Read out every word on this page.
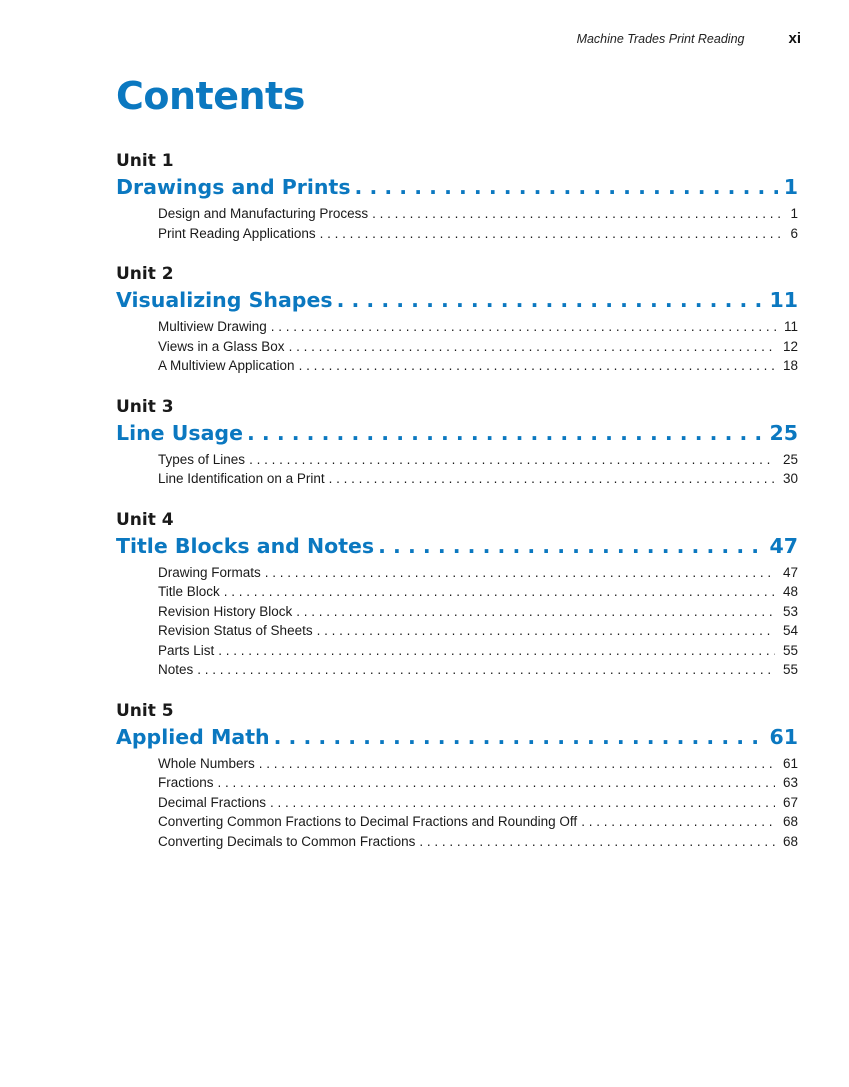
Machine Trades Print Reading	xi
Contents
Unit 1
Drawings and Prints . . .	1
Design and Manufacturing Process . . .	1
Print Reading Applications . . .	6
Unit 2
Visualizing Shapes . . .	11
Multiview Drawing . . .	11
Views in a Glass Box . . .	12
A Multiview Application . . .	18
Unit 3
Line Usage . . .	25
Types of Lines . . .	25
Line Identification on a Print . . .	30
Unit 4
Title Blocks and Notes . . .	47
Drawing Formats . . .	47
Title Block . . .	48
Revision History Block . . .	53
Revision Status of Sheets . . .	54
Parts List . . .	55
Notes . . .	55
Unit 5
Applied Math . . .	61
Whole Numbers . . .	61
Fractions . . .	63
Decimal Fractions . . .	67
Converting Common Fractions to Decimal Fractions and Rounding Off . . .	68
Converting Decimals to Common Fractions . . .	68
